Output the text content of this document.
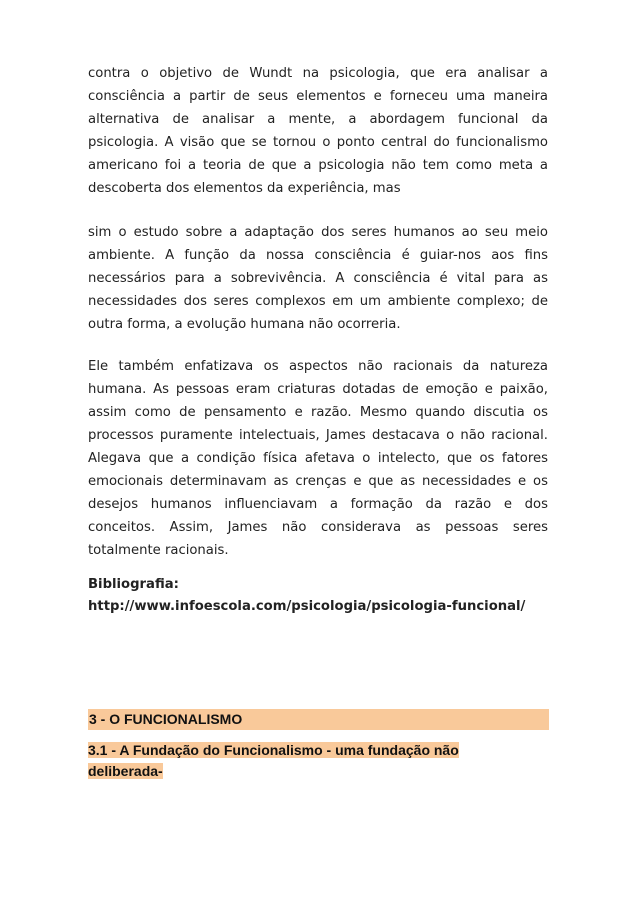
contra o objetivo de Wundt na psicologia, que era analisar a consciência a partir de seus elementos e forneceu uma maneira alternativa de analisar a mente, a abordagem funcional da psicologia. A visão que se tornou o ponto central do funcionalismo americano foi a teoria de que a psicologia não tem como meta a descoberta dos elementos da experiência, mas

sim o estudo sobre a adaptação dos seres humanos ao seu meio ambiente. A função da nossa consciência é guiar-nos aos fins necessários para a sobrevivência. A consciência é vital para as necessidades dos seres complexos em um ambiente complexo; de outra forma, a evolução humana não ocorreria.

Ele também enfatizava os aspectos não racionais da natureza humana. As pessoas eram criaturas dotadas de emoção e paixão, assim como de pensamento e razão. Mesmo quando discutia os processos puramente intelectuais, James destacava o não racional. Alegava que a condição física afetava o intelecto, que os fatores emocionais determinavam as crenças e que as necessidades e os desejos humanos influenciavam a formação da razão e dos conceitos. Assim, James não considerava as pessoas seres totalmente racionais.

Bibliografia:

http://www.infoescola.com/psicologia/psicologia-funcional/

3 - O FUNCIONALISMO
3.1 - A Fundação do Funcionalismo - uma fundação não
deliberada-
